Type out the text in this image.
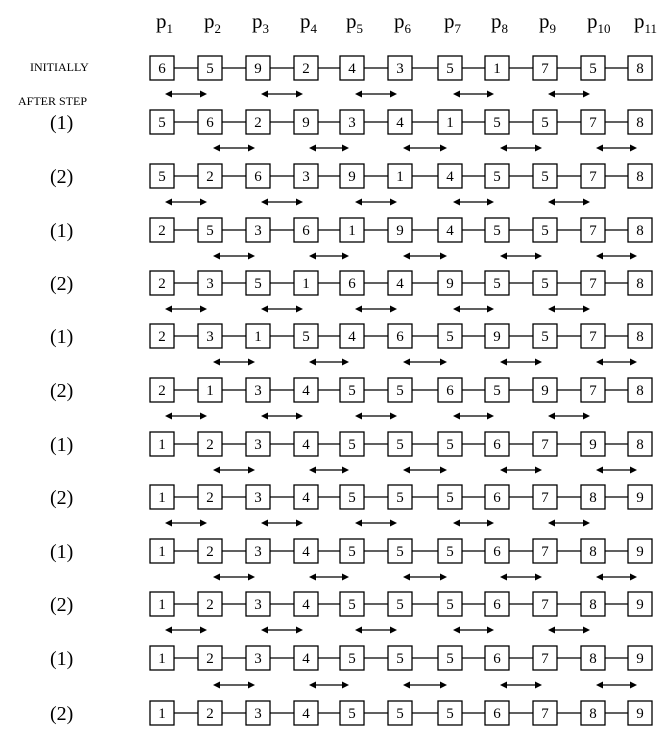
$p_1$ $p_2$ $p_3$ $p_4$ $p_5$ $p_6$ $p_7$ $p_8$ $p_9$ $p_{10}$ $p_{11}$
INITIALLY
AFTER STEP
6	5	9	2	4	3	5	1	7	5	8
(1)	5	6	2	9	3	4	1	5	5	7	8
(2)	5	2	6	3	9	1	4	5	5	7	8
(1)	2	5	3	6	1	9	4	5	5	7	8
(2)	2	3	5	1	6	4	9	5	5	7	8
(1)	2	3	1	5	4	6	5	9	5	7	8
(2)	2	1	3	4	5	5	6	5	9	7	8
(1)	1	2	3	4	5	5	5	6	7	9	8
(2)	1	2	3	4	5	5	5	6	7	8	9
(1)	1	2	3	4	5	5	5	6	7	8	9
(2)	1	2	3	4	5	5	5	6	7	8	9
(1)	1	2	3	4	5	5	5	6	7	8	9
(2)	1	2	3	4	5	5	5	6	7	8	9
